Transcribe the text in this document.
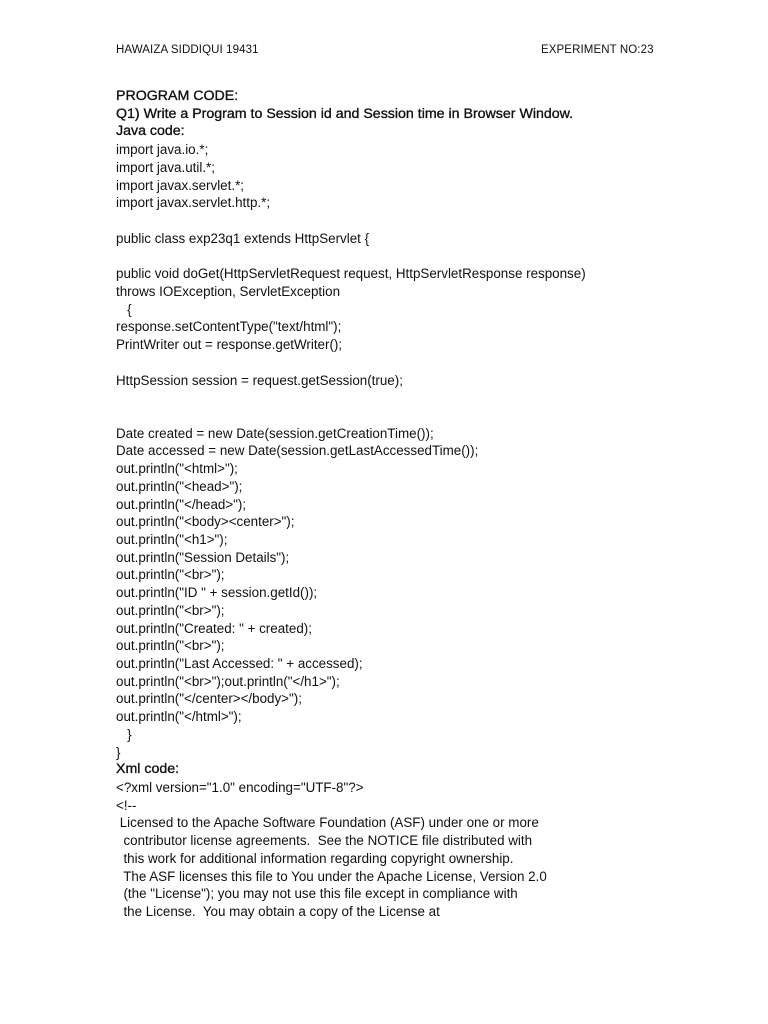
HAWAIZA SIDDIQUI 19431	EXPERIMENT NO:23
PROGRAM CODE:
Q1) Write a Program to Session id and Session time in Browser Window.
Java code:
import java.io.*;
import java.util.*;
import javax.servlet.*;
import javax.servlet.http.*;
public class exp23q1 extends HttpServlet {
public void doGet(HttpServletRequest request, HttpServletResponse response)
throws IOException, ServletException
{
response.setContentType("text/html");
PrintWriter out = response.getWriter();
HttpSession session = request.getSession(true);
Date created = new Date(session.getCreationTime());
Date accessed = new Date(session.getLastAccessedTime());
out.println("<html>");
out.println("<head>");
out.println("</head>");
out.println("<body><center>");
out.println("<h1>");
out.println("Session Details");
out.println("<br>");
out.println("ID " + session.getId());
out.println("<br>");
out.println("Created: " + created);
out.println("<br>");
out.println("Last Accessed: " + accessed);
out.println("<br>");out.println("</h1>");
out.println("</center></body>");
out.println("</html>");
}
}
Xml code:
<?xml version="1.0" encoding="UTF-8"?>
<!--
Licensed to the Apache Software Foundation (ASF) under one or more
contributor license agreements.  See the NOTICE file distributed with
this work for additional information regarding copyright ownership.
The ASF licenses this file to You under the Apache License, Version 2.0
(the "License"); you may not use this file except in compliance with
the License.  You may obtain a copy of the License at
